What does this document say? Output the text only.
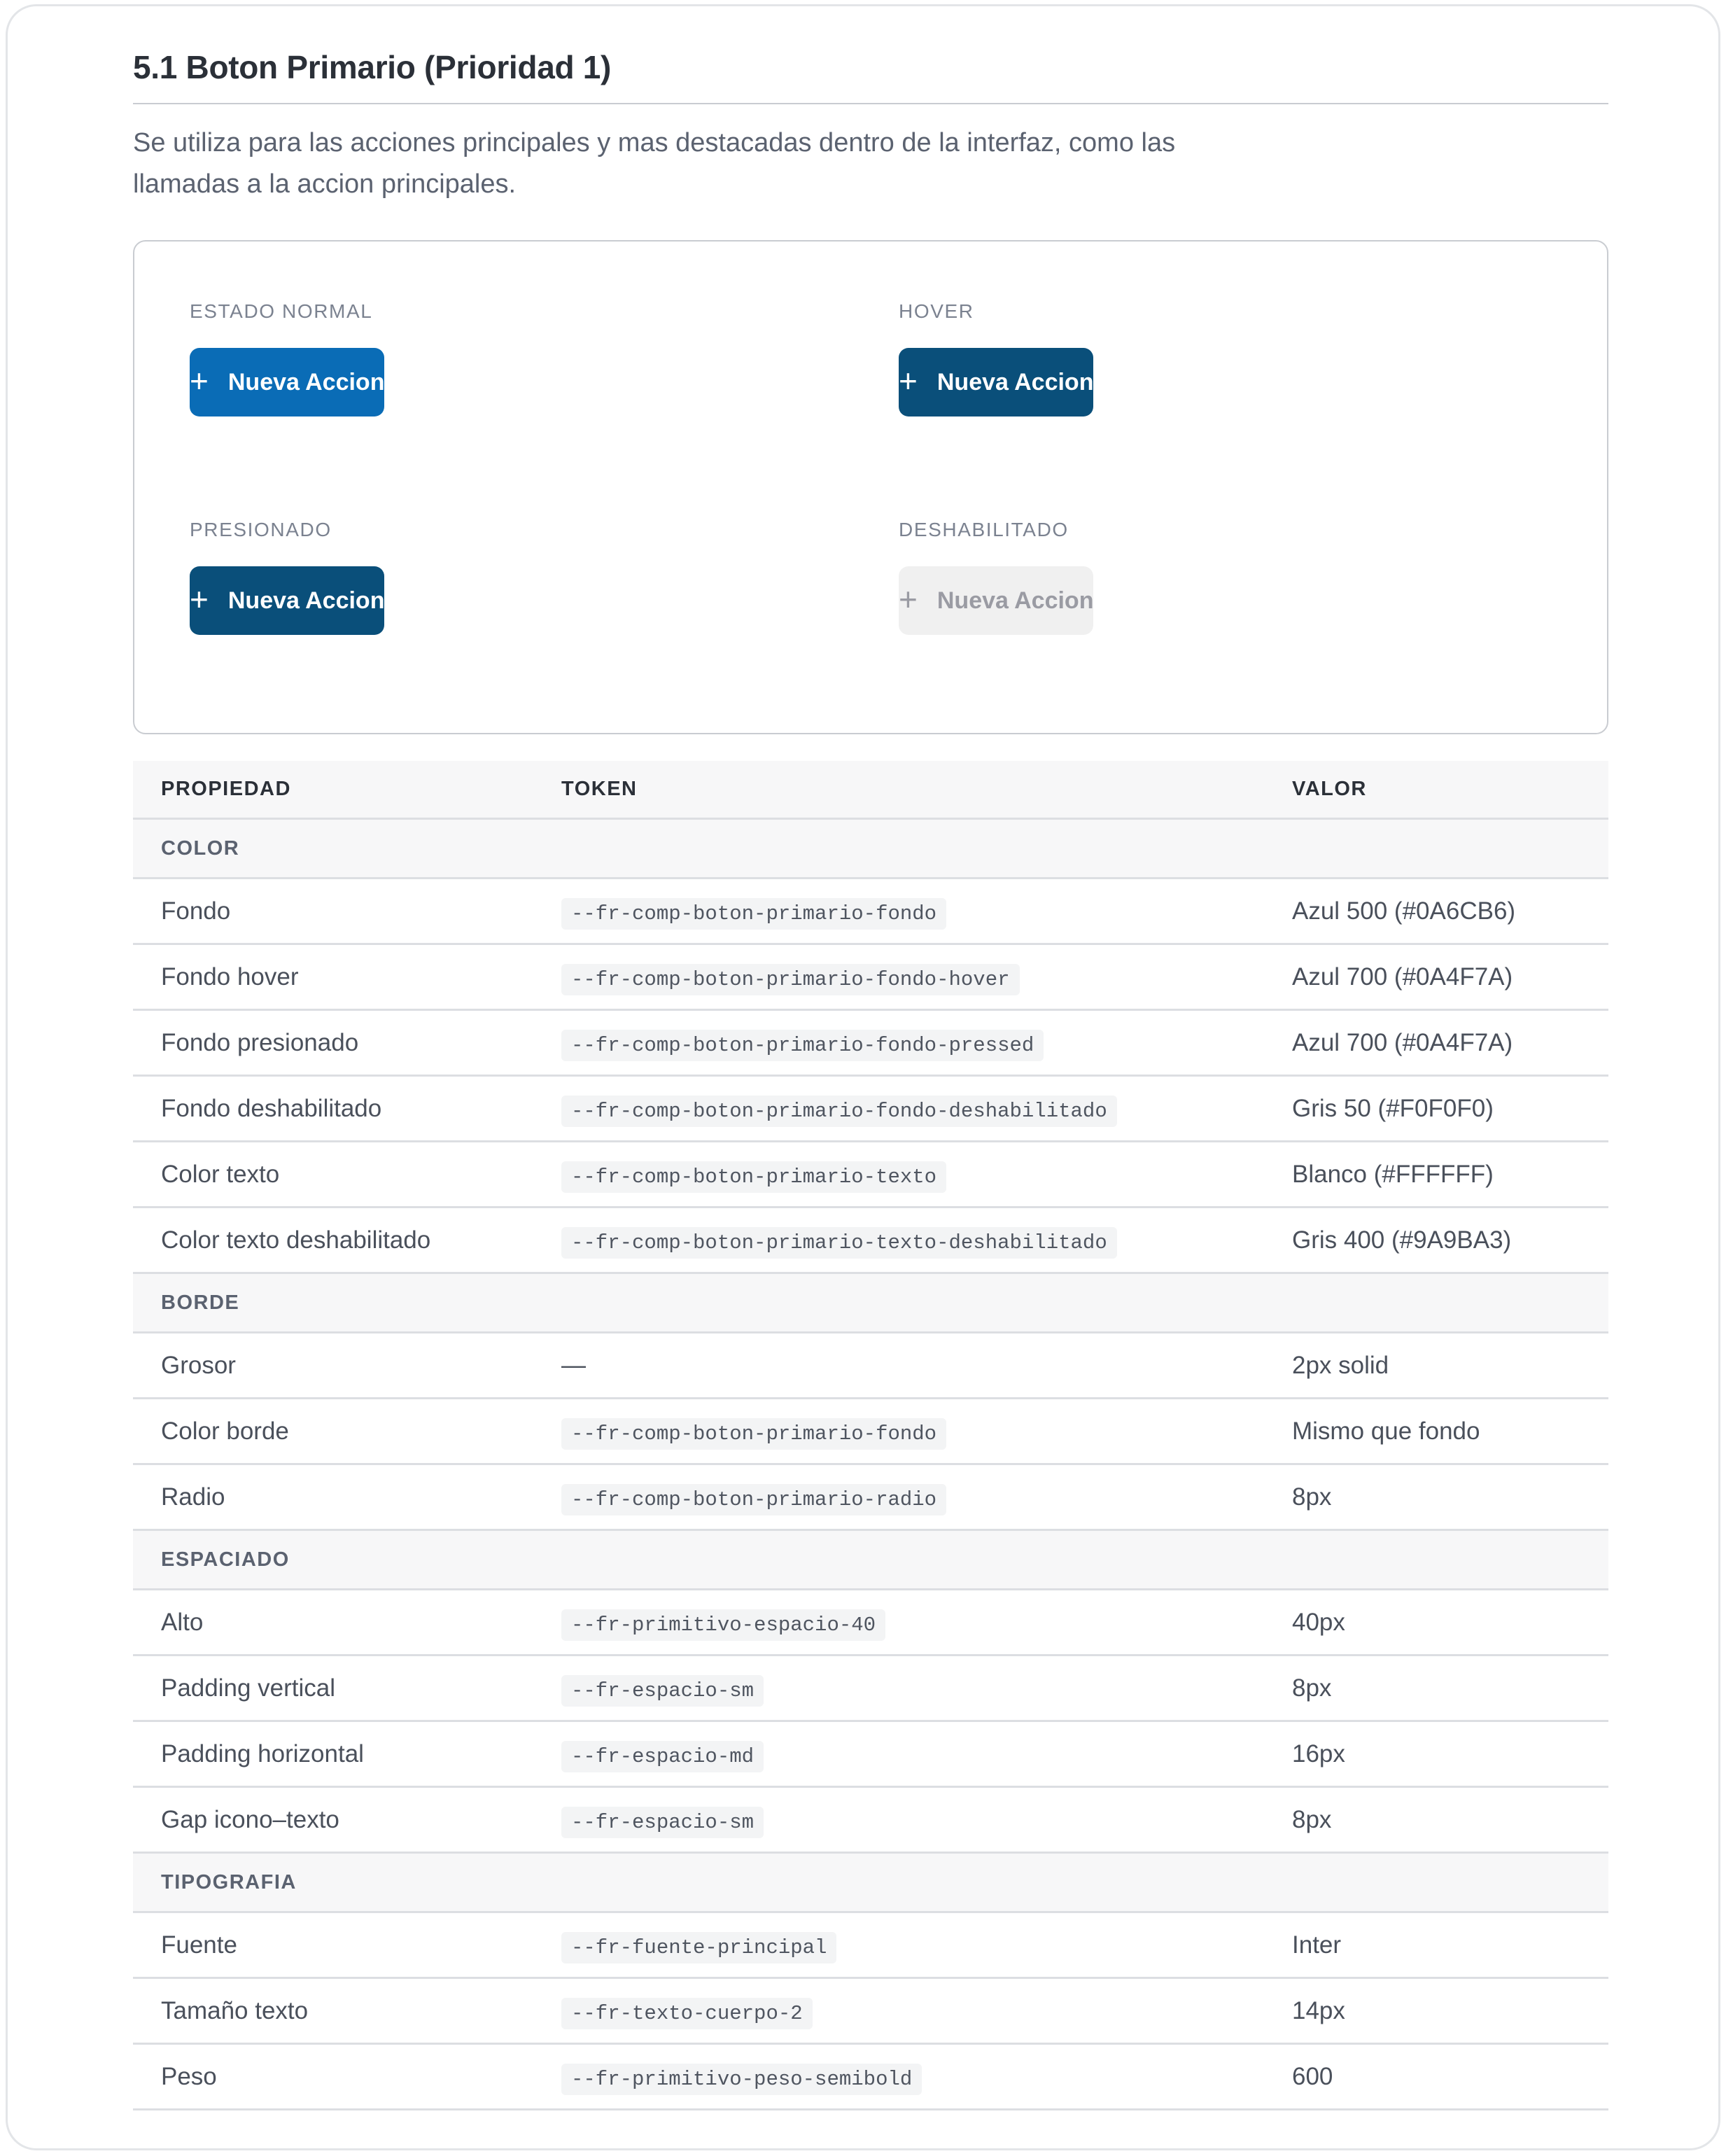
5.1 Boton Primario (Prioridad 1)
Se utiliza para las acciones principales y mas destacadas dentro de la interfaz, como las llamadas a la accion principales.
ESTADO NORMAL
+ Nueva Accion
HOVER
+ Nueva Accion
PRESIONADO
+ Nueva Accion
DESHABILITADO
+ Nueva Accion
PROPIEDAD	TOKEN	VALOR
COLOR
Fondo	--fr-comp-boton-primario-fondo	Azul 500 (#0A6CB6)
Fondo hover	--fr-comp-boton-primario-fondo-hover	Azul 700 (#0A4F7A)
Fondo presionado	--fr-comp-boton-primario-fondo-pressed	Azul 700 (#0A4F7A)
Fondo deshabilitado	--fr-comp-boton-primario-fondo-deshabilitado	Gris 50 (#F0F0F0)
Color texto	--fr-comp-boton-primario-texto	Blanco (#FFFFFF)
Color texto deshabilitado	--fr-comp-boton-primario-texto-deshabilitado	Gris 400 (#9A9BA3)
BORDE
Grosor	—	2px solid
Color borde	--fr-comp-boton-primario-fondo	Mismo que fondo
Radio	--fr-comp-boton-primario-radio	8px
ESPACIADO
Alto	--fr-primitivo-espacio-40	40px
Padding vertical	--fr-espacio-sm	8px
Padding horizontal	--fr-espacio-md	16px
Gap icono–texto	--fr-espacio-sm	8px
TIPOGRAFIA
Fuente	--fr-fuente-principal	Inter
Tamaño texto	--fr-texto-cuerpo-2	14px
Peso	--fr-primitivo-peso-semibold	600
